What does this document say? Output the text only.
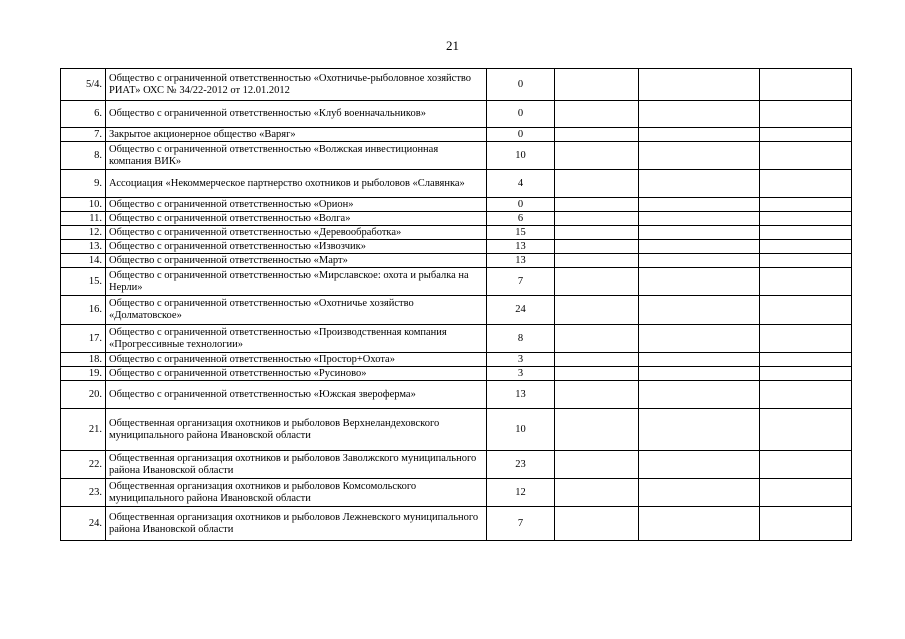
21
5/4.	Общество с ограниченной ответственностью «Охотничье-рыболовное хозяйство РИАТ» ОХС № 34/22-2012 от 12.01.2012	0			
6.	Общество с ограниченной ответственностью «Клуб военначальников»	0			
7.	Закрытое акционерное общество «Варяг»	0			
8.	Общество с ограниченной ответственностью «Волжская инвестиционная компания ВИК»	10			
9.	Ассоциация «Некоммерческое партнерство охотников и рыболовов «Славянка»	4			
10.	Общество с ограниченной ответственностью «Орион»	0			
11.	Общество с ограниченной ответственностью «Волга»	6			
12.	Общество с ограниченной ответственностью «Деревообработка»	15			
13.	Общество с ограниченной ответственностью «Извозчик»	13			
14.	Общество с ограниченной ответственностью «Март»	13			
15.	Общество с ограниченной ответственностью «Мирславское: охота и рыбалка на Нерли»	7			
16.	Общество с ограниченной ответственностью «Охотничье хозяйство «Долматовское»	24			
17.	Общество с ограниченной ответственностью «Производственная компания «Прогрессивные технологии»	8			
18.	Общество с ограниченной ответственностью «Простор+Охота»	3			
19.	Общество с ограниченной ответственностью «Русиново»	3			
20.	Общество с ограниченной ответственностью «Южская звероферма»	13			
21.	Общественная организация охотников и рыболовов Верхнеландеховского муниципального района Ивановской области	10			
22.	Общественная организация охотников и рыболовов Заволжского муниципального района Ивановской области	23			
23.	Общественная организация охотников и рыболовов Комсомольского муниципального района Ивановской области	12			
24.	Общественная организация охотников и рыболовов Лежневского муниципального района Ивановской области	7			
